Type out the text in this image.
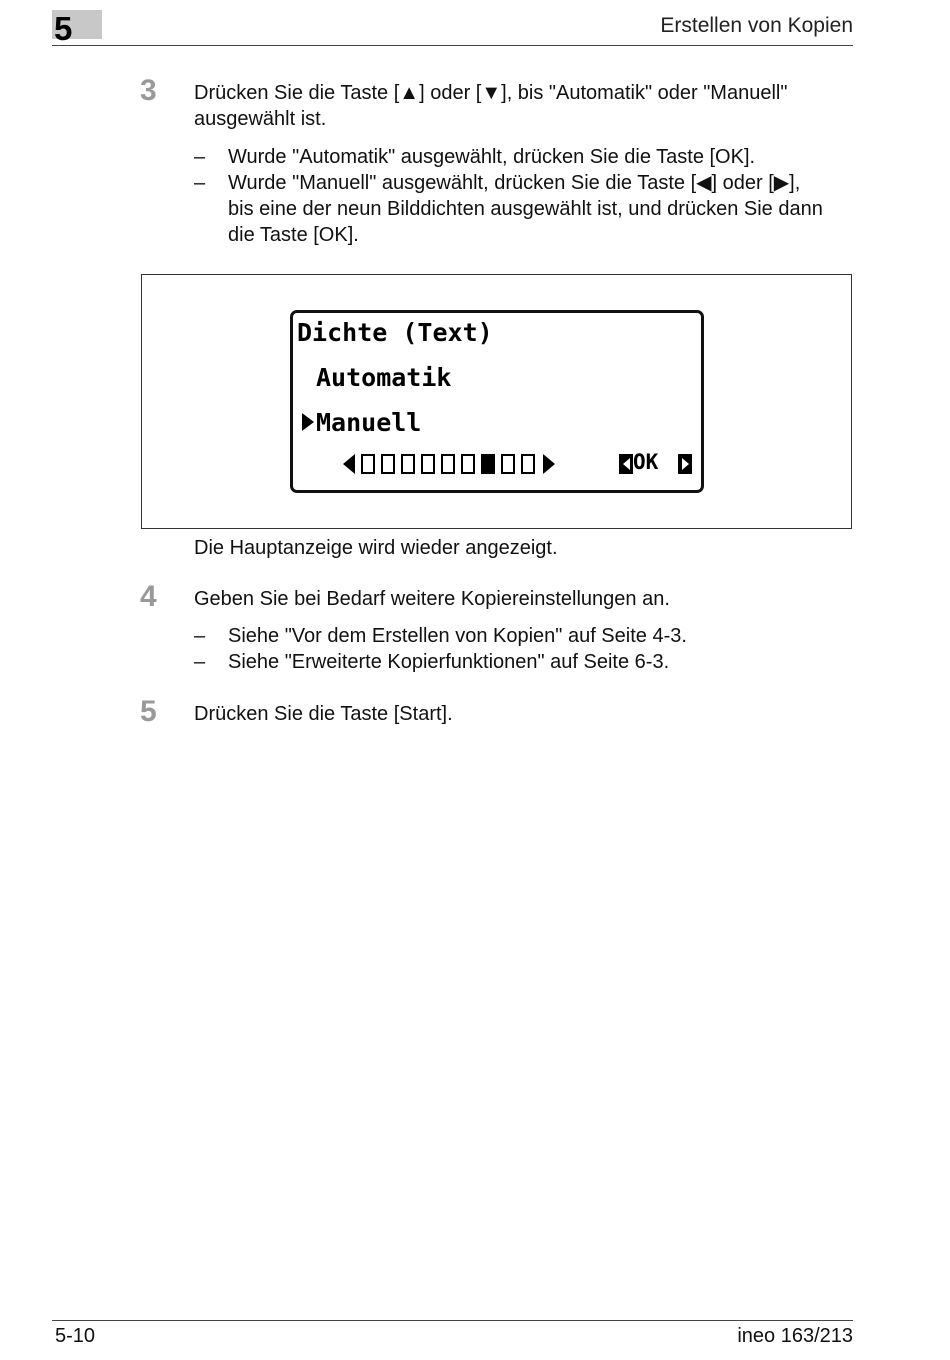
5	Erstellen von Kopien
3 Drücken Sie die Taste [▲] oder [▼], bis "Automatik" oder "Manuell"
ausgewählt ist.
– Wurde "Automatik" ausgewählt, drücken Sie die Taste [OK].
– Wurde "Manuell" ausgewählt, drücken Sie die Taste [◀] oder [▶],
bis eine der neun Bilddichten ausgewählt ist, und drücken Sie dann
die Taste [OK].
Dichte (Text)
Automatik
Manuell
OK
Die Hauptanzeige wird wieder angezeigt.
4 Geben Sie bei Bedarf weitere Kopiereinstellungen an.
– Siehe "Vor dem Erstellen von Kopien" auf Seite 4-3.
– Siehe "Erweiterte Kopierfunktionen" auf Seite 6-3.
5 Drücken Sie die Taste [Start].
5-10	ineo 163/213
